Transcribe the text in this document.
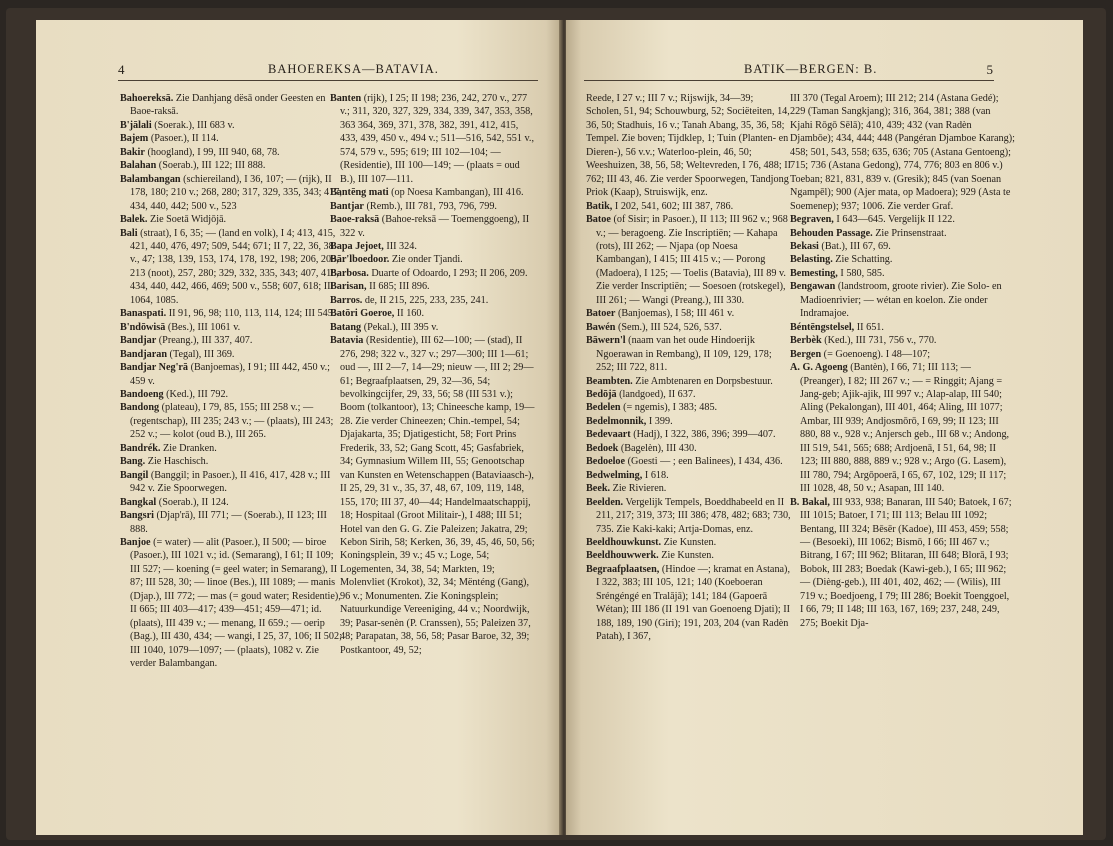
4	BAHOEREKSA—BATAVIA.	BATIK—BERGEN: B.	5

Bahoereksā. Zie Danhjang dësā onder Geesten en Baoe-raksā.

B'jālali (Soerak.), III 683 v.

Bajem (Pasoer.), II 114.

Bakir (hoogland), I 99, III 940, 68, 78.

Balahan (Soerab.), III 122; III 888.

Balambangan (schiereiland), I 36, 107; — (rijk), II 178, 180; 210 v.; 268, 280; 317, 329, 335, 343; 417, 434, 440, 442; 500 v., 523

Balek. Zie Soetā Widjōjā.

Bali (straat), I 6, 35; — (land en volk), I 4; 413, 415, 421, 440, 476, 497; 509, 544; 671; II 7, 22, 36, 38 v., 47; 138, 139, 153, 174, 178, 192, 198; 206, 209, 213 (noot), 257, 280; 329, 332, 335, 343; 407, 418, 434, 440, 442, 466, 469; 500 v., 558; 607, 618; III 1064, 1085.

Banaspati. II 91, 96, 98; 110, 113, 114, 124; III 545.

B'ndōwisā (Bes.), III 1061 v.

Bandjar (Preang.), III 337, 407.

Bandjaran (Tegal), III 369.

Bandjar Neg'rā (Banjoemas), I 91; III 442, 450 v.; 459 v.

Bandoeng (Ked.), III 792.

Bandong (plateau), I 79, 85, 155; III 258 v.; — (regentschap), III 235; 243 v.; — (plaats), III 243; 252 v.; — kolot (oud B.), III 265.

Bandrék. Zie Dranken.

Bang. Zie Haschisch.

Bangil (Banggil; in Pasoer.), II 416, 417, 428 v.; III 942 v. Zie Spoorwegen.

Bangkal (Soerab.), II 124.

Bangsri (Djap'rā), III 771; — (Soerab.), II 123; III 888.

Banjoe (= water) — alit (Pasoer.), II 500; — biroe (Pasoer.), III 1021 v.; id. (Semarang), I 61; II 109; III 527; — koening (= geel water; in Semarang), II 87; III 528, 30; — linoe (Bes.), III 1089; — manis (Djap.), III 772; — mas (= goud water; Residentie), II 665; III 403—417; 439—451; 459—471; id. (plaats), III 439 v.; — menang, II 659.; — oerip (Bag.), III 430, 434; — wangi, I 25, 37, 106; II 502; III 1040, 1079—1097; — (plaats), 1082 v. Zie verder Balambangan.

Banten (rijk), I 25; II 198; 236, 242, 270 v., 277 v.; 311, 320, 327, 329, 334, 339, 347, 353, 358, 363 364, 369, 371, 378, 382, 391, 412, 415, 433, 439, 450 v., 494 v.; 511—516, 542, 551 v., 574, 579 v., 595; 619; III 102—104; — (Residentie), III 100—149; — (plaats = oud B.), III 107—111.

Bantēng mati (op Noesa Kambangan), III 416.

Bantjar (Remb.), III 781, 793, 796, 799.

Baoe-raksā (Bahoe-reksā — Toemenggoeng), II 322 v.

Bapa Jejoet, III 324.

Bār'lboedoor. Zie onder Tjandi.

Barbosa. Duarte of Odoardo, I 293; II 206, 209.

Barisan, II 685; III 896.

Barros. de, II 215, 225, 233, 235, 241.

Batōri Goeroe, II 160.

Batang (Pekal.), III 395 v.

Batavia (Residentie), III 62—100; — (stad), II 276, 298; 322 v., 327 v.; 297—300; III 1—61; oud —, III 2—7, 14—29; nieuw —, III 2; 29—61; Begraafplaatsen, 29, 32—36, 54; bevolkingcijfer, 29, 33, 56; 58 (III 531 v.); Boom (tolkantoor), 13; Chineesche kamp, 19—28. Zie verder Chineezen; Chin.-tempel, 54; Djajakarta, 35; Djatigesticht, 58; Fort Prins Frederik, 33, 52; Gang Scott, 45; Gasfabriek, 34; Gymnasium Willem III, 55; Genootschap van Kunsten en Wetenschappen (Bataviaasch-), II 25, 29, 31 v., 35, 37, 48, 67, 109, 119, 148, 155, 170; III 37, 40—44; Handelmaatschappij, 18; Hospitaal (Groot Militair-), I 488; III 51; Hotel van den G. G. Zie Paleizen; Jakatra, 29; Kebon Sirih, 58; Kerken, 36, 39, 45, 46, 50, 56; Koningsplein, 39 v.; 45 v.; Loge, 54; Logementen, 34, 38, 54; Markten, 19; Molenvliet (Krokot), 32, 34; Mënténg (Gang), 96 v.; Monumenten. Zie Koningsplein; Natuurkundige Vereeniging, 44 v.; Noordwijk, 39; Pasar-senèn (P. Cranssen), 55; Paleizen 37, 48; Parapatan, 38, 56, 58; Pasar Baroe, 32, 39; Postkantoor, 49, 52;

Reede, I 27 v.; III 7 v.; Rijswijk, 34—39; Scholen, 51, 94; Schouwburg, 52; Sociëteiten, 14, 36, 50; Stadhuis, 16 v.; Tanah Abang, 35, 36, 58; Tempel. Zie boven; Tijdklep, 1; Tuin (Planten- en Dieren-), 56 v.v.; Waterloo-plein, 46, 50; Weeshuizen, 38, 56, 58; Weltevreden, I 76, 488; II 762; III 43, 46. Zie verder Spoorwegen, Tandjong Priok (Kaap), Struiswijk, enz.

Batik, I 202, 541, 602; III 387, 786.

Batoe (of Sisir; in Pasoer.), II 113; III 962 v.; 968 v.; — beragoeng. Zie Inscriptiën; — Kahapa (rots), III 262; — Njapa (op Noesa Kambangan), I 415; III 415 v.; — Porong (Madoera), I 125; — Toelis (Batavia), III 89 v. Zie verder Inscriptiën; — Soesoen (rotskegel), III 261; — Wangi (Preang.), III 330.

Batoer (Banjoemas), I 58; III 461 v.

Bawén (Sem.), III 524, 526, 537.

Bāwern'l (naam van het oude Hindoerijk Ngoerawan in Rembang), II 109, 129, 178; 252; III 722, 811.

Beambten. Zie Ambtenaren en Dorpsbestuur.

Bedōjā (landgoed), II 637.

Bedelen (= ngemis), I 383; 485.

Bedelmonnik, I 399.

Bedevaart (Hadj), I 322, 386, 396; 399—407.

Bedoek (Bagelèn), III 430.

Bedoeloe (Goesti — ; een Balinees), I 434, 436.

Bedwelming, I 618.

Beek. Zie Rivieren.

Beelden. Vergelijk Tempels, Boeddhabeeld en II 211, 217; 319, 373; III 386; 478, 482; 683; 730, 735. Zie Kaki-kaki; Artja-Domas, enz.

Beeldhouwkunst. Zie Kunsten.

Beeldhouwwerk. Zie Kunsten.

Begraafplaatsen, (Hindoe —; kramat en Astana), I 322, 383; III 105, 121; 140 (Koeboeran Sréngéngé en Tralājā); 141; 184 (Gapoerā Wétan); III 186 (II 191 van Goenoeng Djati); II 188, 189, 190 (Giri); 191, 203, 204 (van Radèn Patah), I 367,

III 370 (Tegal Aroem); III 212; 214 (Astana Gedé); 229 (Taman Sangkjang); 316, 364, 381; 388 (van Kjahi Rōgō Sēlā); 410, 439; 432 (van Radèn Djambōe); 434, 444; 448 (Pangéran Djamboe Karang); 458; 501, 543, 558; 635, 636; 705 (Astana Gentoeng); 715; 736 (Astana Gedong), 774, 776; 803 en 806 v.) Toeban; 821, 831, 839 v. (Gresik); 845 (van Soenan Ngampēl); 900 (Ajer mata, op Madoera); 929 (Asta te Soemenep); 937; 1006. Zie verder Graf.

Begraven, I 643—645. Vergelijk II 122.

Behouden Passage. Zie Prinsenstraat.

Bekasi (Bat.), III 67, 69.

Belasting. Zie Schatting.

Bemesting, I 580, 585.

Bengawan (landstroom, groote rivier). Zie Solo- en Madioenrivier; — wétan en koelon. Zie onder Indramajoe.

Béntēngstelsel, II 651.

Berbèk (Ked.), III 731, 756 v., 770.

Bergen (= Goenoeng). I 48—107;

A. G. Agoeng (Bantèn), I 66, 71; III 113; —(Preanger), I 82; III 267 v.; — = Ringgit; Ajang = Jang-geb; Ajik-ajik, III 997 v.; Alap-alap, III 540; Aling (Pekalongan), III 401, 464; Aling, III 1077; Ambar, III 939; Andjosmōrō, I 69, 99; II 123; III 880, 88 v., 928 v.; Anjersch geb., III 68 v.; Andong, III 519, 541, 565; 688; Ardjoenā, I 51, 64, 98; II 123; III 880, 888, 889 v.; 928 v.; Argo (G. Lasem), III 780, 794; Argōpoerā, I 65, 67, 102, 129; II 117; III 1028, 48, 50 v.; Asapan, III 140.

B. Bakal, III 933, 938; Banaran, III 540; Batoek, I 67; III 1015; Batoer, I 71; III 113; Belau III 1092; Bentang, III 324; Bēsēr (Kadoe), III 453, 459; 558; — (Besoeki), III 1062; Bismō, I 66; III 467 v.; Bitrang, I 67; III 962; Blitaran, III 648; Blorā, I 93; Bobok, III 283; Boedak (Kawi-geb.), I 65; III 962; — (Dièng-geb.), III 401, 402, 462; — (Wilis), III 719 v.; Boedjoeng, I 79; III 286; Boekit Toenggoel, I 66, 79; II 148; III 163, 167, 169; 237, 248, 249, 275; Boekit Dja-
